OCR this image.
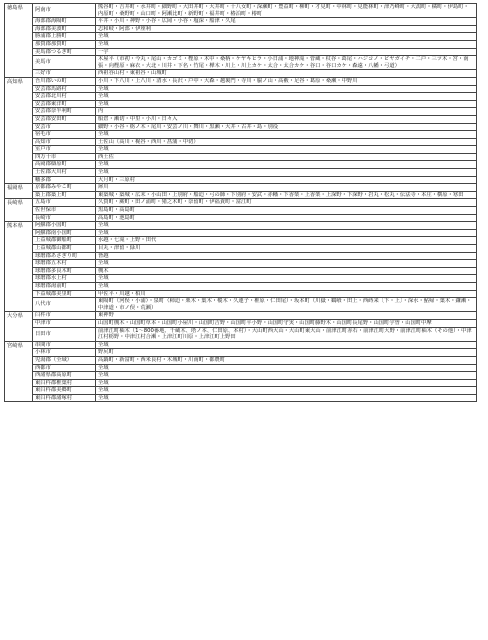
徳島県	阿南市	熊谷町・吉井町・水井町・細野町・大田井町・大井町・十八女町・深瀬町・豊益町・柳町・才見町・中林町・見能林町・津乃峰町・大潟町・橘町・伊島町・内原町・桑野町・山口町・阿瀬比町・新野町・福井町・椿泊町・椿町
	海部郡海陽町	平井・小川・神野・小谷・広岡・小谷・塩深・船津・久尾
	海部郡美波町	志和岐・阿部・伊座利
	勝浦郡上勝町	全域
	那賀郡那賀町	全域
	美馬郡つるぎ町	一宇
	美馬市	木屋平（市初・今丸・尾山・カゴミ・樫原・木中・桑柄・ケヤキヒラ・小日浦・地神滝・菅蔵・杖谷・葛尾・ハジコノ・ピヤガイチ・二戸・三ツ木・宮・南張・向樫原・麻衣・大北・川井・下名・竹尾・樺木・川上・川上カケ・太合・太合カケ・谷口・谷口カケ・森遠・八幡・弓道）
	三好市	西祖谷山村・東祖谷・山城町
高知県	吾川郡いの町	小川・下八川・上八川・清水・長沢・戸中・大森・越裏門・寺川・脇ノ山・高薮・足谷・葛原・桑瀬・中野川
	安芸郡馬路村	全域
	安芸郡北川村	全域
	安芸郡東洋町	全域
	安芸郡奈半利町	丙
	安芸郡安田町	船倉・瀬切・中里・小川・日々入
	安芸市	細野・小谷・栃ノ木・尾川・安芸ノ川・舞川・黒瀬・大井・古井・島・別役
	宿毛市	全域
	高知市	土佐山（高川・梶谷・西川・菖蒲・中切）
	室戸市	全域
	四万十市	西土佐
	高岡郡檮原町	全域
	土佐郡大川村	全域
	幡多郡	大月町・三原村
福岡県	京都郡みやこ町	犀川
	築上郡築上町	東築城・築城・広末・小山田・上別府・船迫・弓の師・下別府・安武・赤幡・下香楽・上香楽・上深野・下深野・岩丸・松丸・伝法寺・本庄・横原・寒田
長崎県	五島市	久賀町・蕨町・田ノ浦町・猪之木町・奈留町・伊福貴町・富江町
	佐世保市	黒島町・高島町
	長崎市	高島町・池島町
熊本県	阿蘇郡小国町	全域
	阿蘇郡南小国町	全域
	上益城郡御船町	水越・七滝・上野・田代
	上益城郡山都町	目丸・津留・緑川
	球磨郡あさぎり町	皆越
	球磨郡五木村	全域
	球磨郡多良木町	槻木
	球磨郡水上村	全域
	球磨郡湯前町	全域
	下益城郡美里町	甲佐平・川越・柏川
	八代市	東陽町（河俣・小浦）・泉町（柿迫・栗木・葉木・樅木・久連子・椎原・仁田尾）・坂本町（川嶽・鶴喰・田上・西蒔来〔下・上〕・深水・鮎帰・葉木・鎌瀬・中津道・市ノ俣・荒瀬）
大分県	臼杵市	東神野
	中津市	山国町槻木・山国町草本・山国町小屋川・山国町吉野・山国町平小野・山国町守実・山国町藤野木・山国町長尾野・山国町宇曽・山国町中摩
	日田市	前津江町柚木（1～800番地、千蔵木、塔ノ本、仁田原、本村）・大山町西大山・大山町東大山・前津江町赤石・前津江町大野・前津江町柚木（その他）・中津江村栃野・中津江村合瀬・上津江町川原・上津江町上野田
宮崎県	串間市	全域
	小林市	野尻町
	児湯郡（全域）	高鍋町・新富町・西米良村・木城町・川南町・都農町
	西都市	全域
	西諸県郡高原町	全域
	東臼杵郡椎葉村	全域
	東臼杵郡美郷町	全域
	東臼杵郡諸塚村	全域
